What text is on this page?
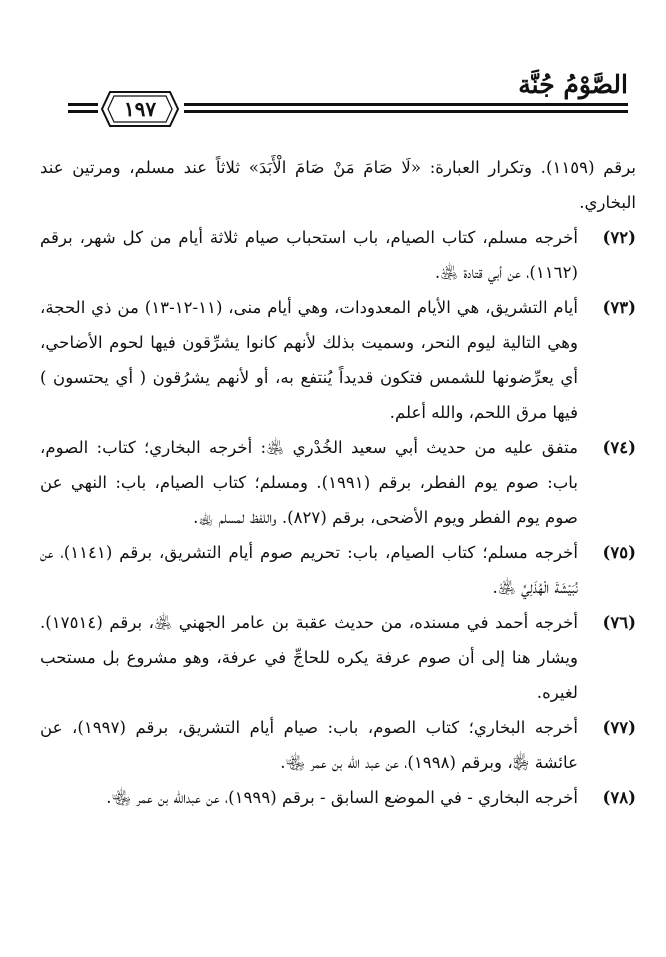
الصَّوْمُ جُنَّة
١٩٧

برقم (١١٥٩). وتكرار العبارة: «لَا صَامَ مَنْ صَامَ الْأَبَدَ» ثلاثاً عند مسلم، ومرتين عند البخاري.

(٧٢)
أخرجه مسلم، كتاب الصيام، باب استحباب صيام ثلاثة أيام من كل شهر، برقم (١١٦٢)، عن أبي قتادة ﵁.
(٧٣)
أيام التشريق، هي الأيام المعدودات، وهي أيام منى، (١١-١٢-١٣) من ذي الحجة، وهي التالية ليوم النحر، وسميت بذلك لأنهم كانوا يشرِّقون فيها لحوم الأضاحي، أي يعرِّضونها للشمس فتكون قديداً يُنتفع به، أو لأنهم يشرُقون ( أي يحتسون ) فيها مرق اللحم، والله أعلم.
(٧٤)
متفق عليه من حديث أبي سعيد الخُدْري ﵁: أخرجه البخاري؛ كتاب: الصوم، باب: صوم يوم الفطر، برقم (١٩٩١). ومسلم؛ كتاب الصيام، باب: النهي عن صوم يوم الفطر ويوم الأضحى، برقم (٨٢٧). واللفظ لمسلم ﵀.
(٧٥)
أخرجه مسلم؛ كتاب الصيام، باب: تحريم صوم أيام التشريق، برقم (١١٤١)، عن نُبَيْشَةَ الْهُذَلِيِّ ﵁.
(٧٦)
أخرجه أحمد في مسنده، من حديث عقبة بن عامر الجهني ﵁، برقم (١٧٥١٤). ويشار هنا إلى أن صوم عرفة يكره للحاجِّ في عرفة، وهو مشروع بل مستحب لغيره.
(٧٧)
أخرجه البخاري؛ كتاب الصوم، باب: صيام أيام التشريق، برقم (١٩٩٧)، عن عائشة ﵂، وبرقم (١٩٩٨)، عن عبد الله بن عمر ﵄.
(٧٨)
أخرجه البخاري - في الموضع السابق - برقم (١٩٩٩)، عن عبدالله بن عمر ﵄.
